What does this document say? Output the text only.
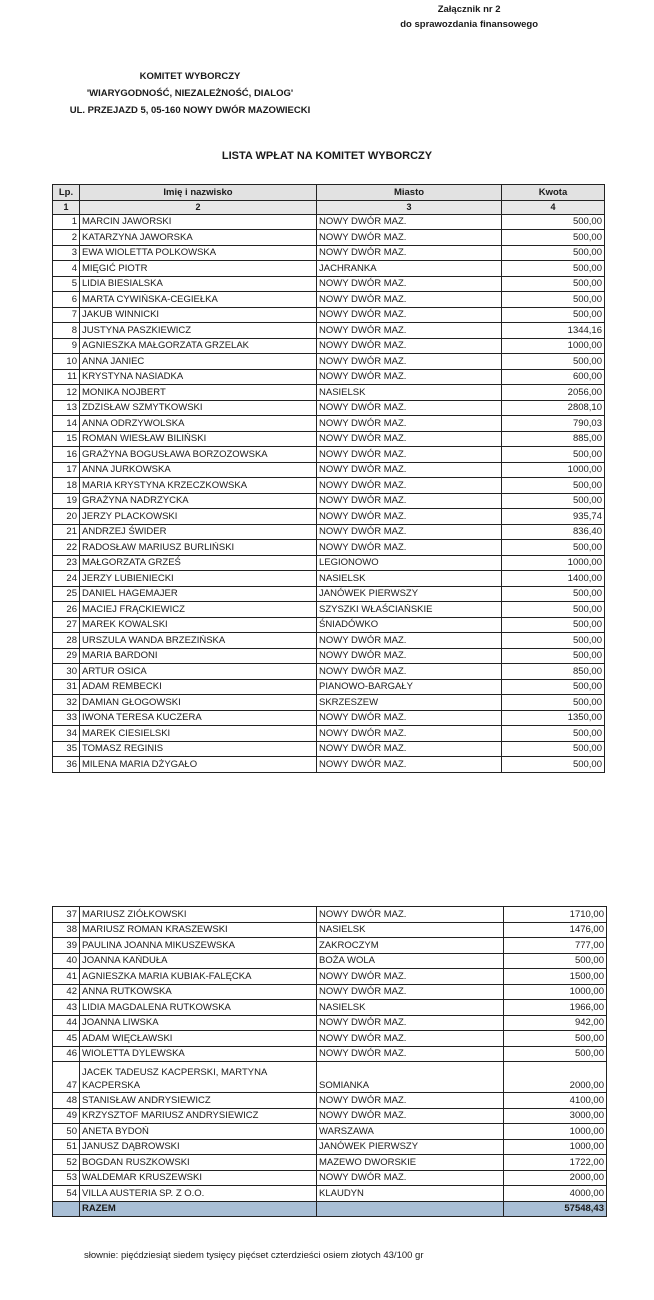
Załącznik nr 2
do sprawozdania finansowego
KOMITET WYBORCZY
'WIARYGODNOŚĆ, NIEZALEŻNOŚĆ, DIALOG'
UL. PRZEJAZD 5, 05-160 NOWY DWÓR MAZOWIECKI
LISTA WPŁAT NA KOMITET WYBORCZY
Lp.	Imię i nazwisko	Miasto	Kwota
1	2	3	4
1	MARCIN JAWORSKI	NOWY DWÓR MAZ.	500,00
2	KATARZYNA JAWORSKA	NOWY DWÓR MAZ.	500,00
3	EWA WIOLETTA POLKOWSKA	NOWY DWÓR MAZ.	500,00
4	MIĘGIĆ PIOTR	JACHRANKA	500,00
5	LIDIA BIESIALSKA	NOWY DWÓR MAZ.	500,00
6	MARTA CYWIŃSKA-CEGIEŁKA	NOWY DWÓR MAZ.	500,00
7	JAKUB WINNICKI	NOWY DWÓR MAZ.	500,00
8	JUSTYNA PASZKIEWICZ	NOWY DWÓR MAZ.	1344,16
9	AGNIESZKA MAŁGORZATA GRZELAK	NOWY DWÓR MAZ.	1000,00
10	ANNA JANIEC	NOWY DWÓR MAZ.	500,00
11	KRYSTYNA NASIADKA	NOWY DWÓR MAZ.	600,00
12	MONIKA NOJBERT	NASIELSK	2056,00
13	ZDZISŁAW SZMYTKOWSKI	NOWY DWÓR MAZ.	2808,10
14	ANNA ODRZYWOLSKA	NOWY DWÓR MAZ.	790,03
15	ROMAN WIESŁAW BILIŃSKI	NOWY DWÓR MAZ.	885,00
16	GRAŻYNA BOGUSŁAWA BORZOZOWSKA	NOWY DWÓR MAZ.	500,00
17	ANNA JURKOWSKA	NOWY DWÓR MAZ.	1000,00
18	MARIA KRYSTYNA KRZECZKOWSKA	NOWY DWÓR MAZ.	500,00
19	GRAŻYNA NADRZYCKA	NOWY DWÓR MAZ.	500,00
20	JERZY PLACKOWSKI	NOWY DWÓR MAZ.	935,74
21	ANDRZEJ ŚWIDER	NOWY DWÓR MAZ.	836,40
22	RADOSŁAW MARIUSZ BURLIŃSKI	NOWY DWÓR MAZ.	500,00
23	MAŁGORZATA GRZEŚ	LEGIONOWO	1000,00
24	JERZY LUBIENIECKI	NASIELSK	1400,00
25	DANIEL HAGEMAJER	JANÓWEK PIERWSZY	500,00
26	MACIEJ FRĄCKIEWICZ	SZYSZKI WŁAŚCIAŃSKIE	500,00
27	MAREK KOWALSKI	ŚNIADÓWKO	500,00
28	URSZULA WANDA BRZEZIŃSKA	NOWY DWÓR MAZ.	500,00
29	MARIA BARDONI	NOWY DWÓR MAZ.	500,00
30	ARTUR OSICA	NOWY DWÓR MAZ.	850,00
31	ADAM REMBECKI	PIANOWO-BARGAŁY	500,00
32	DAMIAN GŁOGOWSKI	SKRZESZEW	500,00
33	IWONA TERESA KUCZERA	NOWY DWÓR MAZ.	1350,00
34	MAREK CIESIELSKI	NOWY DWÓR MAZ.	500,00
35	TOMASZ REGINIS	NOWY DWÓR MAZ.	500,00
36	MILENA MARIA DŻYGAŁO	NOWY DWÓR MAZ.	500,00
37	MARIUSZ ZIÓŁKOWSKI	NOWY DWÓR MAZ.	1710,00
38	MARIUSZ ROMAN KRASZEWSKI	NASIELSK	1476,00
39	PAULINA JOANNA MIKUSZEWSKA	ZAKROCZYM	777,00
40	JOANNA KAŃDUŁA	BOŻA WOLA	500,00
41	AGNIESZKA MARIA KUBIAK-FALĘCKA	NOWY DWÓR MAZ.	1500,00
42	ANNA RUTKOWSKA	NOWY DWÓR MAZ.	1000,00
43	LIDIA MAGDALENA RUTKOWSKA	NASIELSK	1966,00
44	JOANNA LIWSKA	NOWY DWÓR MAZ.	942,00
45	ADAM WIĘCŁAWSKI	NOWY DWÓR MAZ.	500,00
46	WIOLETTA DYLEWSKA	NOWY DWÓR MAZ.	500,00
47	JACEK TADEUSZ KACPERSKI, MARTYNA KACPERSKA	SOMIANKA	2000,00
48	STANISŁAW ANDRYSIEWICZ	NOWY DWÓR MAZ.	4100,00
49	KRZYSZTOF MARIUSZ ANDRYSIEWICZ	NOWY DWÓR MAZ.	3000,00
50	ANETA BYDOŃ	WARSZAWA	1000,00
51	JANUSZ DĄBROWSKI	JANÓWEK PIERWSZY	1000,00
52	BOGDAN RUSZKOWSKI	MAZEWO DWORSKIE	1722,00
53	WALDEMAR KRUSZEWSKI	NOWY DWÓR MAZ.	2000,00
54	VILLA AUSTERIA SP. Z O.O.	KLAUDYN	4000,00
	RAZEM		57548,43
słownie: pięćdziesiąt siedem tysięcy pięćset czterdzieści osiem złotych 43/100 gr
